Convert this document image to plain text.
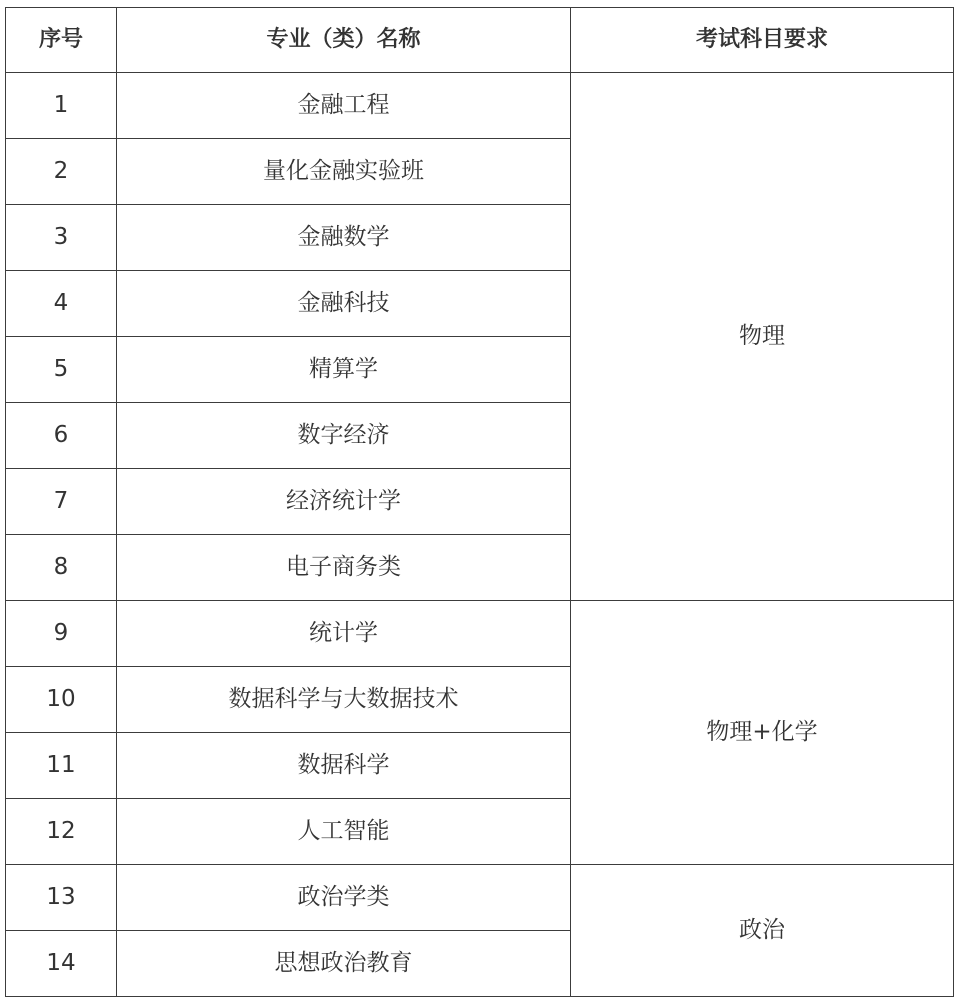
序号	专业（类）名称	考试科目要求
1	金融工程	物理
2	量化金融实验班	
3	金融数学	
4	金融科技	
5	精算学	
6	数字经济	
7	经济统计学	
8	电子商务类	
9	统计学	物理+化学
10	数据科学与大数据技术	
11	数据科学	
12	人工智能	
13	政治学类	政治
14	思想政治教育	
